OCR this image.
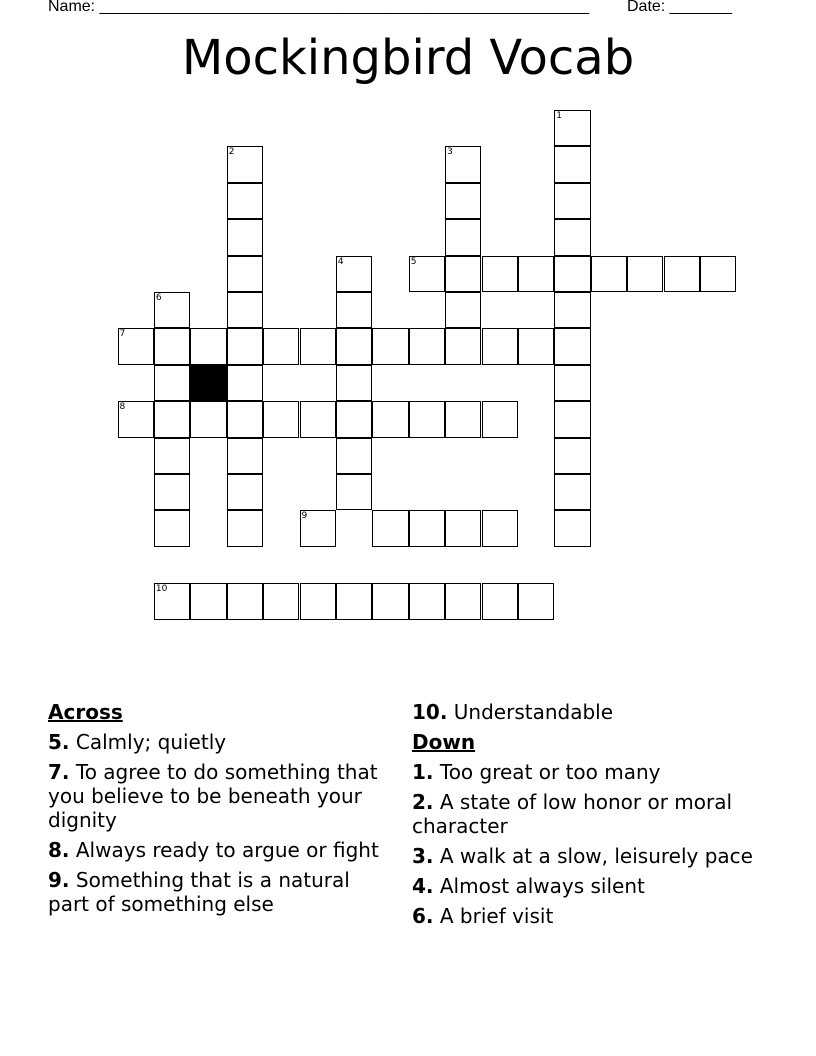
Name: _______________________________________________________ Date: _______
Mockingbird Vocab
1
2	3
4	5
6
7
8
9
10
Across
5. Calmly; quietly
7. To agree to do something that you believe to be beneath your dignity
8. Always ready to argue or fight
9. Something that is a natural part of something else
10. Understandable
Down
1. Too great or too many
2. A state of low honor or moral character
3. A walk at a slow, leisurely pace
4. Almost always silent
6. A brief visit
